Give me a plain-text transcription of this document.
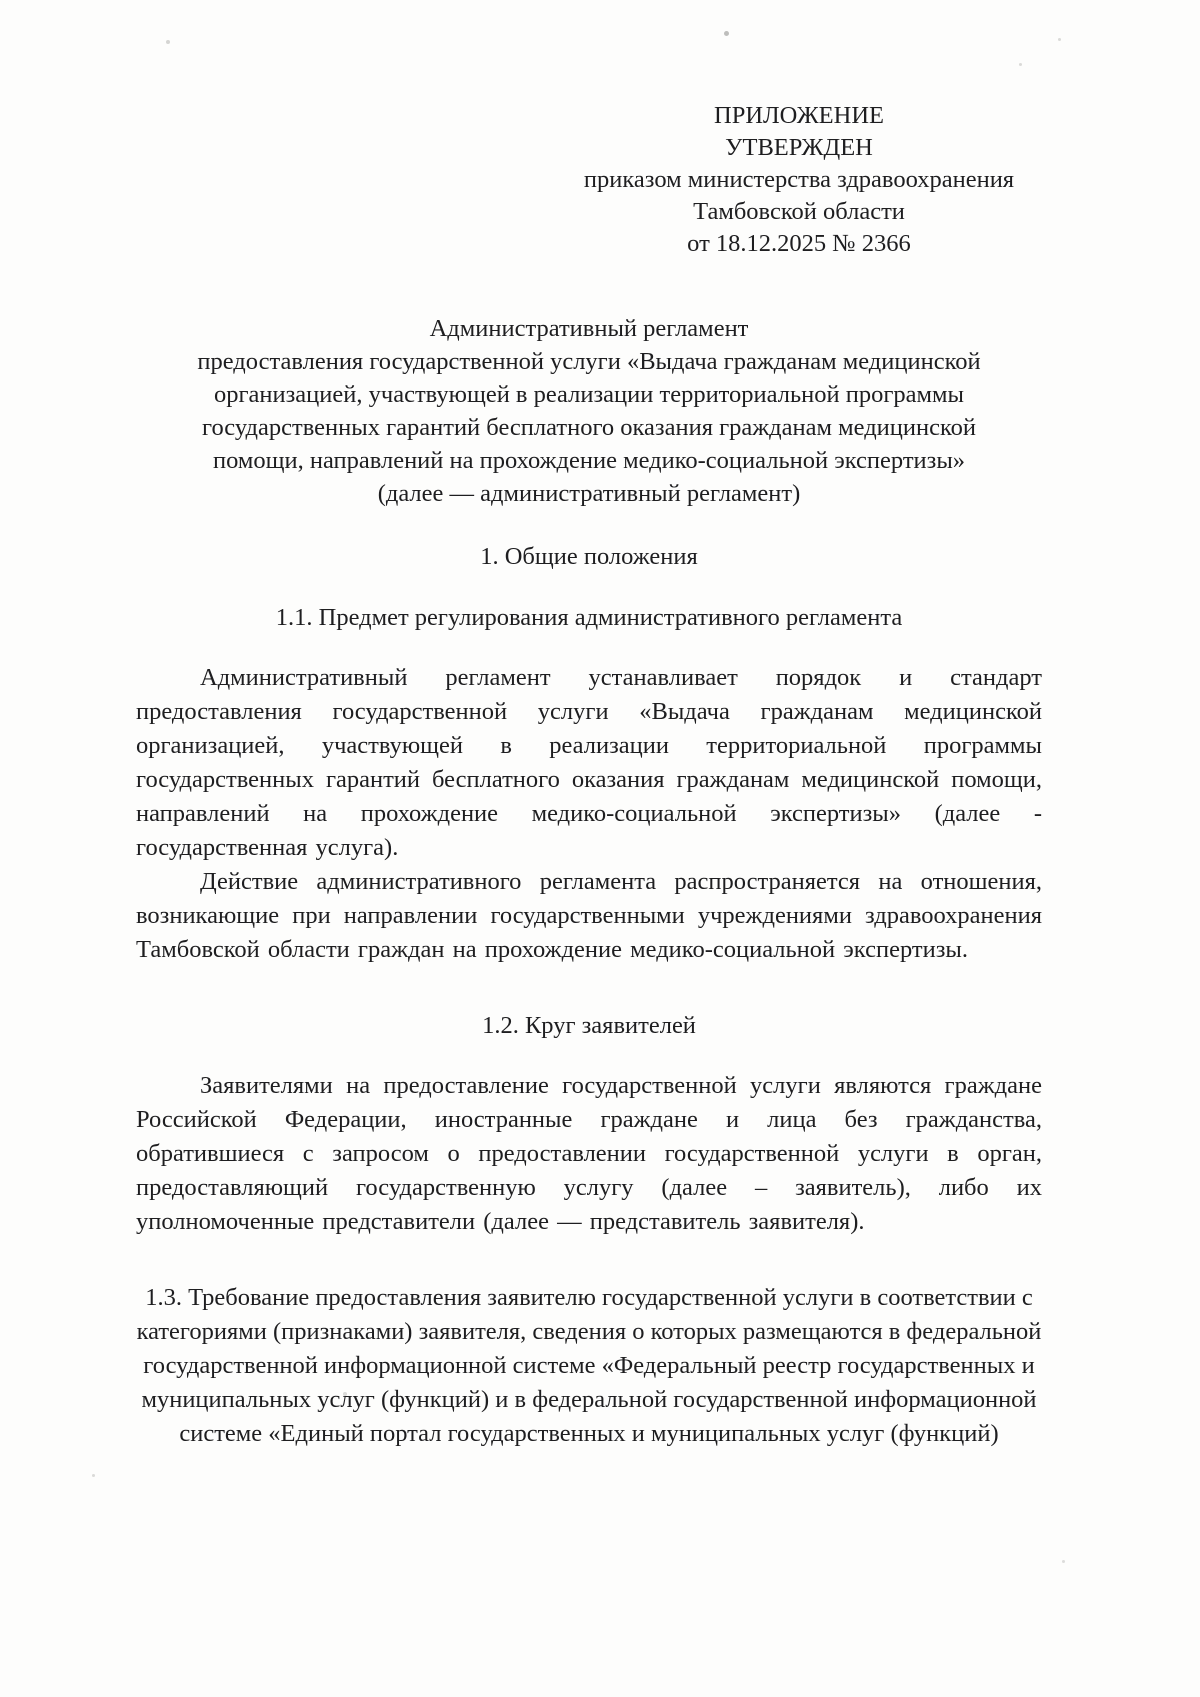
ПРИЛОЖЕНИЕ
УТВЕРЖДЕН
приказом министерства здравоохранения
Тамбовской области
от 18.12.2025 № 2366
Административный регламент
предоставления государственной услуги «Выдача гражданам медицинской
организацией, участвующей в реализации территориальной программы
государственных гарантий бесплатного оказания гражданам медицинской
помощи, направлений на прохождение медико-социальной экспертизы»
(далее — административный регламент)
1. Общие положения
1.1. Предмет регулирования административного регламента

Административный регламент устанавливает порядок и стандарт предоставления государственной услуги «Выдача гражданам медицинской организацией, участвующей в реализации территориальной программы государственных гарантий бесплатного оказания гражданам медицинской помощи, направлений на прохождение медико-социальной экспертизы» (далее - государственная услуга).

Действие административного регламента распространяется на отношения, возникающие при направлении государственными учреждениями здравоохранения Тамбовской области граждан на прохождение медико-социальной экспертизы.

1.2. Круг заявителей

Заявителями на предоставление государственной услуги являются граждане Российской Федерации, иностранные граждане и лица без гражданства, обратившиеся с запросом о предоставлении государственной услуги в орган, предоставляющий государственную услугу (далее – заявитель), либо их уполномоченные представители (далее — представитель заявителя).

1.3. Требование предоставления заявителю государственной услуги в соответствии с категориями (признаками) заявителя, сведения о которых размещаются в федеральной государственной информационной системе «Федеральный реестр государственных и муниципальных услуг (функций) и в федеральной государственной информационной системе «Единый портал государственных и муниципальных услуг (функций)
